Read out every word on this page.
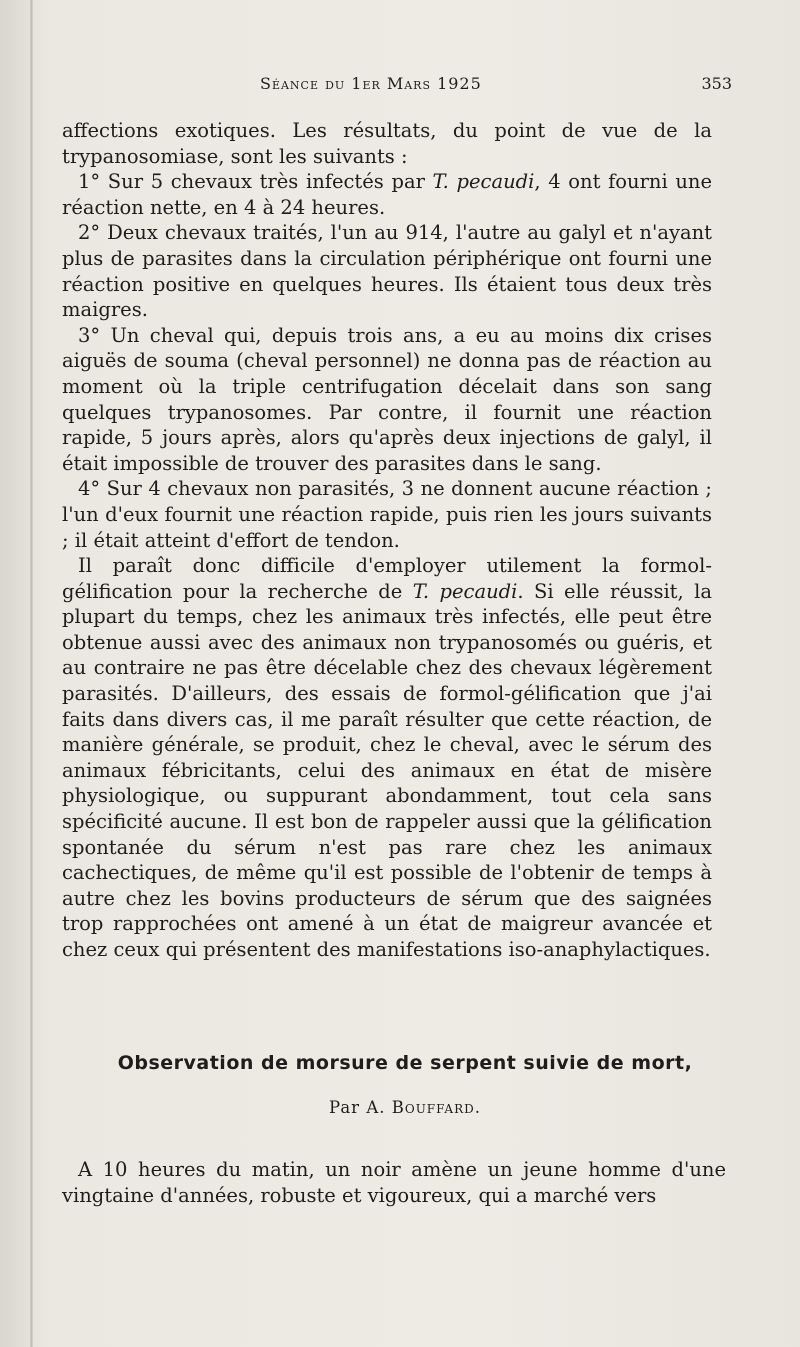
Séance du 1er Mars 1925	353

affections exotiques. Les résultats, du point de vue de la trypanosomiase, sont les suivants :

1° Sur 5 chevaux très infectés par T. pecaudi, 4 ont fourni une réaction nette, en 4 à 24 heures.

2° Deux chevaux traités, l'un au 914, l'autre au galyl et n'ayant plus de parasites dans la circulation périphérique ont fourni une réaction positive en quelques heures. Ils étaient tous deux très maigres.

3° Un cheval qui, depuis trois ans, a eu au moins dix crises aiguës de souma (cheval personnel) ne donna pas de réaction au moment où la triple centrifugation décelait dans son sang quelques trypanosomes. Par contre, il fournit une réaction rapide, 5 jours après, alors qu'après deux injections de galyl, il était impossible de trouver des parasites dans le sang.

4° Sur 4 chevaux non parasités, 3 ne donnent aucune réaction ; l'un d'eux fournit une réaction rapide, puis rien les jours suivants ; il était atteint d'effort de tendon.

Il paraît donc difficile d'employer utilement la formol-gélification pour la recherche de T. pecaudi. Si elle réussit, la plupart du temps, chez les animaux très infectés, elle peut être obtenue aussi avec des animaux non trypanosomés ou guéris, et au contraire ne pas être décelable chez des chevaux légèrement parasités. D'ailleurs, des essais de formol-gélification que j'ai faits dans divers cas, il me paraît résulter que cette réaction, de manière générale, se produit, chez le cheval, avec le sérum des animaux fébricitants, celui des animaux en état de misère physiologique, ou suppurant abondamment, tout cela sans spécificité aucune. Il est bon de rappeler aussi que la gélification spontanée du sérum n'est pas rare chez les animaux cachectiques, de même qu'il est possible de l'obtenir de temps à autre chez les bovins producteurs de sérum que des saignées trop rapprochées ont amené à un état de maigreur avancée et chez ceux qui présentent des manifestations iso-anaphylactiques.

Observation de morsure de serpent suivie de mort,
Par A. Bouffard.

A 10 heures du matin, un noir amène un jeune homme d'une vingtaine d'années, robuste et vigoureux, qui a marché vers
